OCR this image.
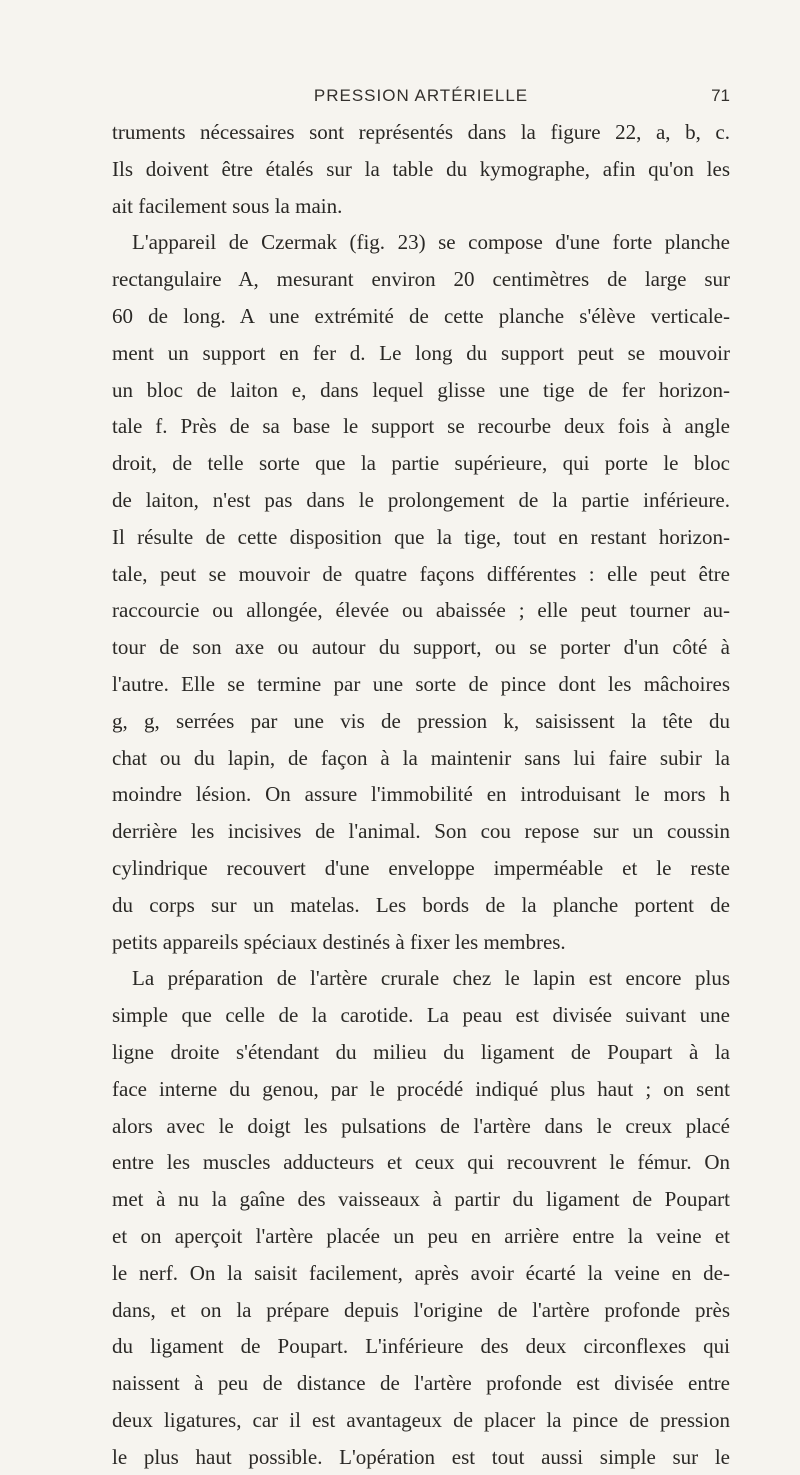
PRESSION ARTÉRIELLE	71
truments nécessaires sont représentés dans la figure 22, a, b, c.
Ils doivent être étalés sur la table du kymographe, afin qu'on les
ait facilement sous la main.
L'appareil de Czermak (fig. 23) se compose d'une forte planche
rectangulaire A, mesurant environ 20 centimètres de large sur
60 de long. A une extrémité de cette planche s'élève verticale-
ment un support en fer d. Le long du support peut se mouvoir
un bloc de laiton e, dans lequel glisse une tige de fer horizon-
tale f. Près de sa base le support se recourbe deux fois à angle
droit, de telle sorte que la partie supérieure, qui porte le bloc
de laiton, n'est pas dans le prolongement de la partie inférieure.
Il résulte de cette disposition que la tige, tout en restant horizon-
tale, peut se mouvoir de quatre façons différentes : elle peut être
raccourcie ou allongée, élevée ou abaissée ; elle peut tourner au-
tour de son axe ou autour du support, ou se porter d'un côté à
l'autre. Elle se termine par une sorte de pince dont les mâchoires
g, g, serrées par une vis de pression k, saisissent la tête du
chat ou du lapin, de façon à la maintenir sans lui faire subir la
moindre lésion. On assure l'immobilité en introduisant le mors h
derrière les incisives de l'animal. Son cou repose sur un coussin
cylindrique recouvert d'une enveloppe imperméable et le reste
du corps sur un matelas. Les bords de la planche portent de
petits appareils spéciaux destinés à fixer les membres.
La préparation de l'artère crurale chez le lapin est encore plus
simple que celle de la carotide. La peau est divisée suivant une
ligne droite s'étendant du milieu du ligament de Poupart à la
face interne du genou, par le procédé indiqué plus haut ; on sent
alors avec le doigt les pulsations de l'artère dans le creux placé
entre les muscles adducteurs et ceux qui recouvrent le fémur. On
met à nu la gaîne des vaisseaux à partir du ligament de Poupart
et on aperçoit l'artère placée un peu en arrière entre la veine et
le nerf. On la saisit facilement, après avoir écarté la veine en de-
dans, et on la prépare depuis l'origine de l'artère profonde près
du ligament de Poupart. L'inférieure des deux circonflexes qui
naissent à peu de distance de l'artère profonde est divisée entre
deux ligatures, car il est avantageux de placer la pince de pression
le plus haut possible. L'opération est tout aussi simple sur le
